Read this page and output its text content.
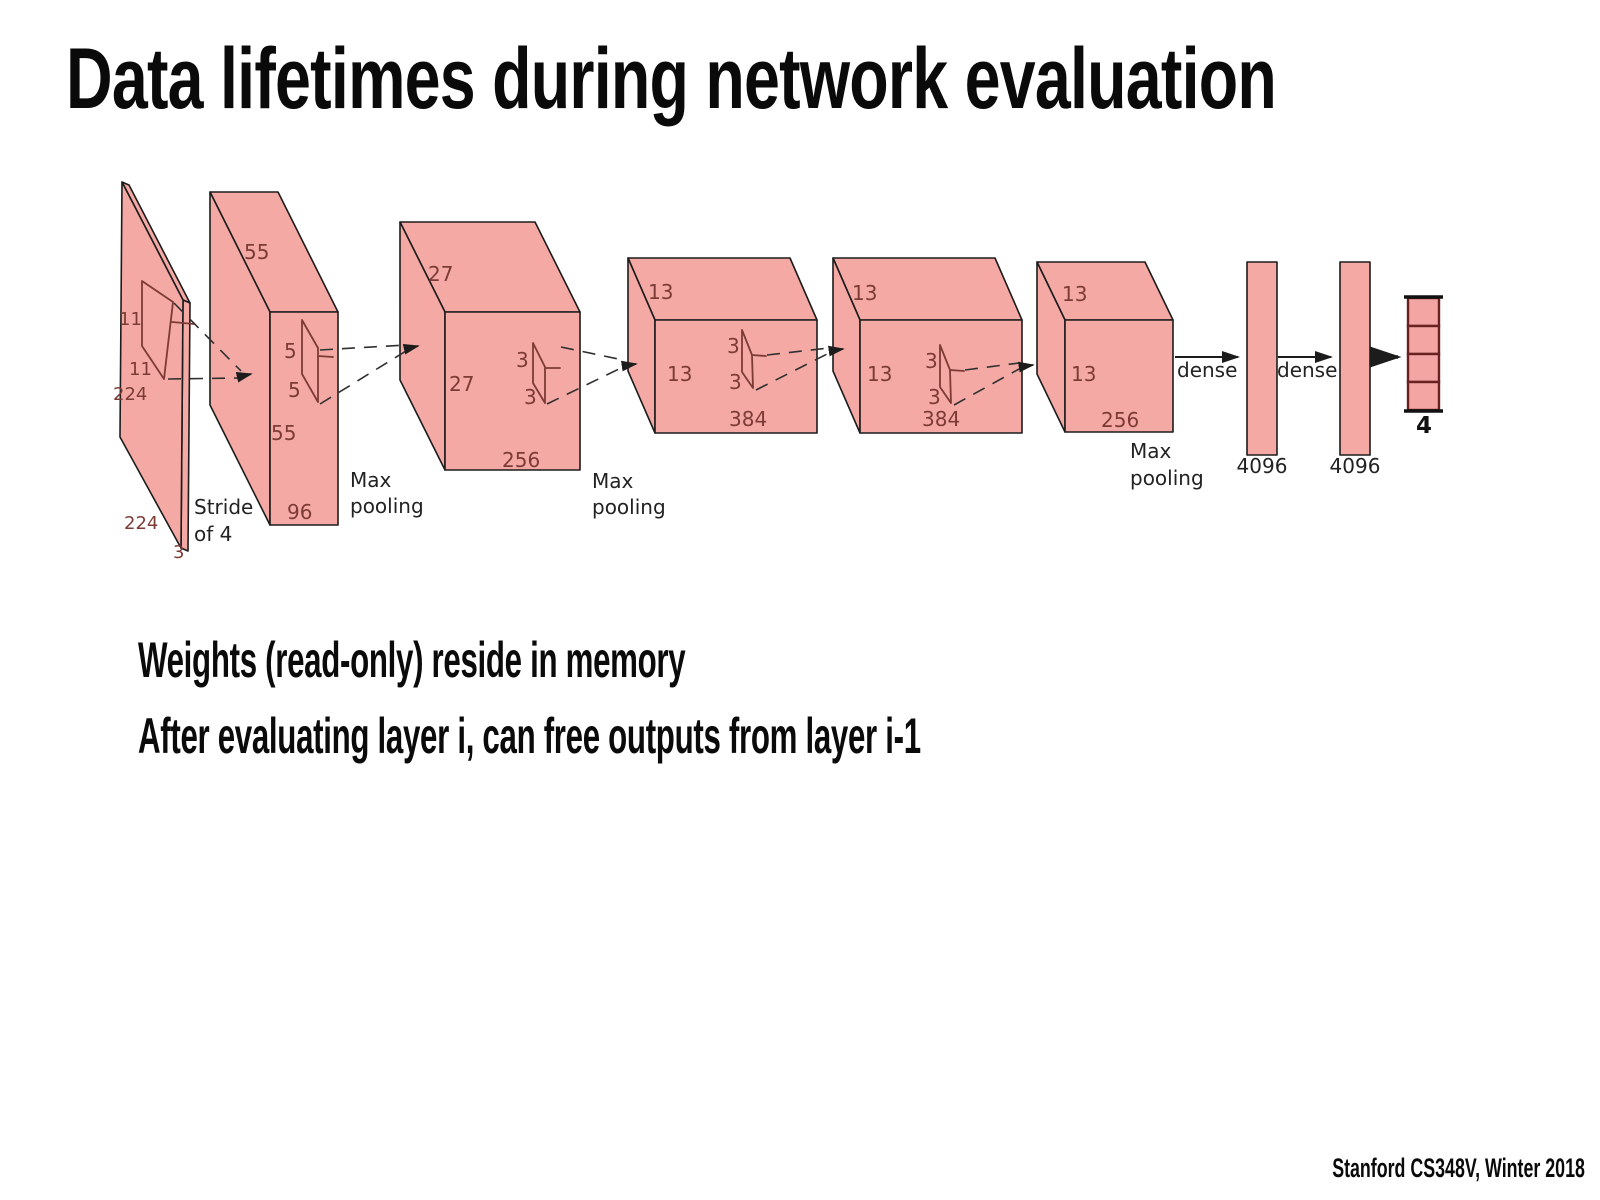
Data lifetimes during network evaluation
11
11
224
224
3
Stride
of 4
55
55
96
5
5
Max
pooling
27
27
256
3
3
Max
pooling
13
13
384
3
3
13
13
384
3
3
13
13
256
Max
pooling
dense dense
4096 4096
4
Weights (read-only) reside in memory
After evaluating layer i, can free outputs from layer i-1
Stanford CS348V, Winter 2018
